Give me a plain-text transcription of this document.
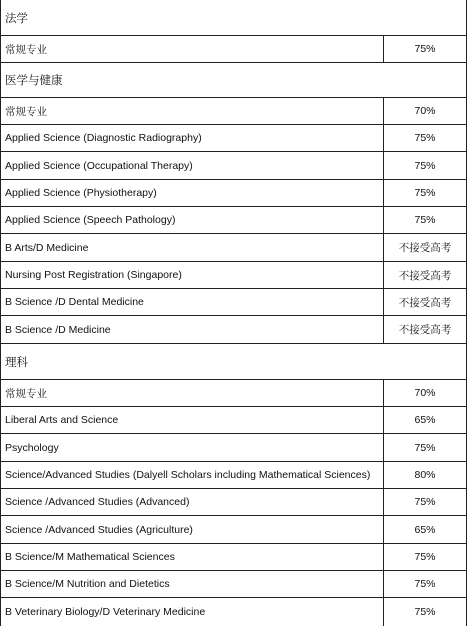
法学
常规专业	75%
医学与健康
常规专业	70%
Applied Science (Diagnostic Radiography)	75%
Applied Science (Occupational Therapy)	75%
Applied Science (Physiotherapy)	75%
Applied Science (Speech Pathology)	75%
B Arts/D Medicine	不接受高考
Nursing Post Registration (Singapore)	不接受高考
B Science /D Dental Medicine	不接受高考
B Science /D Medicine	不接受高考
理科
常规专业	70%
Liberal Arts and Science	65%
Psychology	75%
Science/Advanced Studies (Dalyell Scholars including Mathematical Sciences)	80%
Science /Advanced Studies (Advanced)	75%
Science /Advanced Studies (Agriculture)	65%
B Science/M Mathematical Sciences	75%
B Science/M Nutrition and Dietetics	75%
B Veterinary Biology/D Veterinary Medicine	75%
